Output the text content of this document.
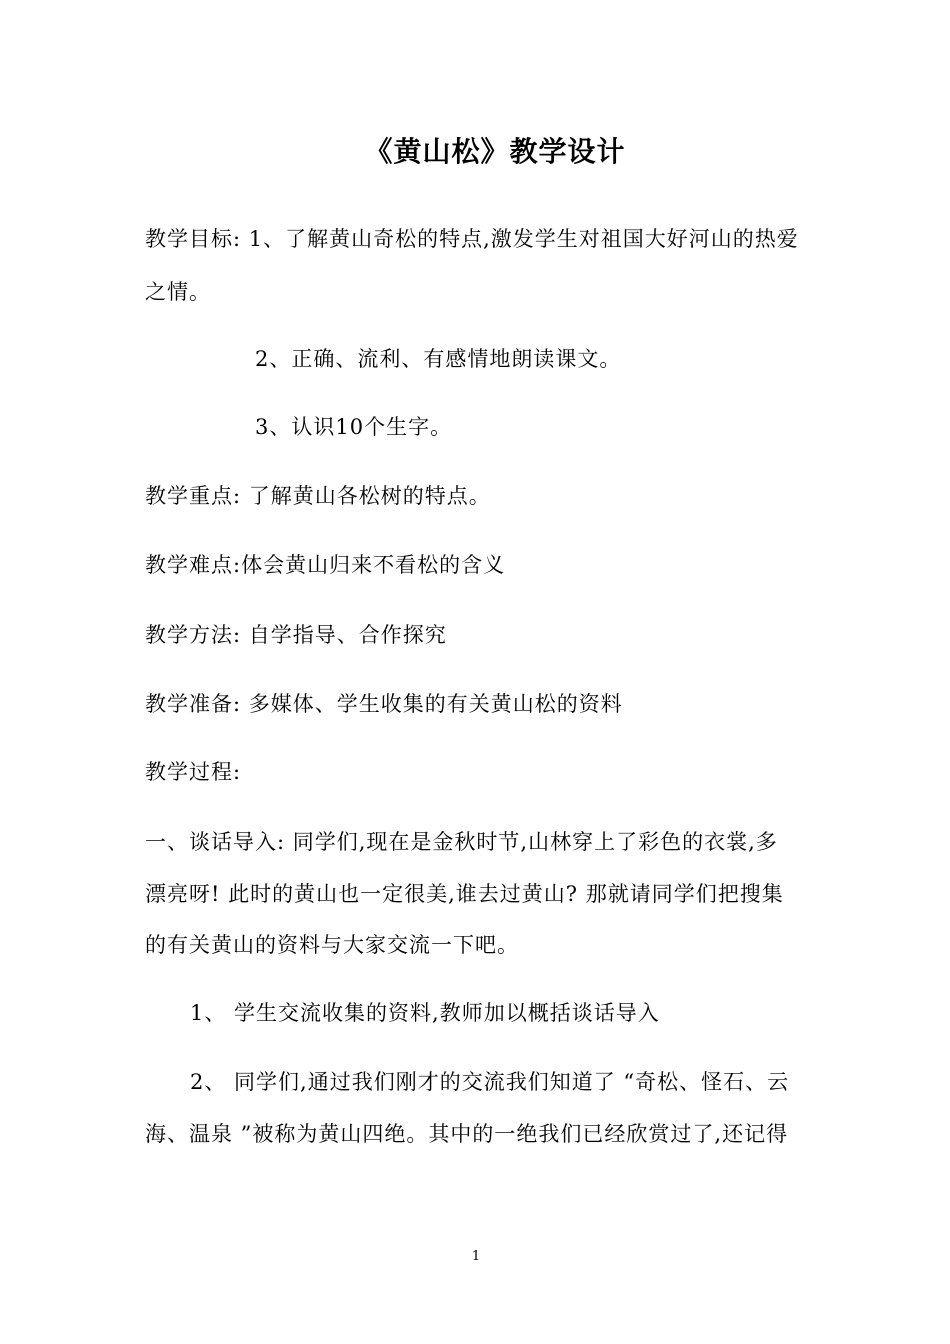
《黄山松》教学设计
教学目标: 1、了解黄山奇松的特点,激发学生对祖国大好河山的热爱
之情。
2、正确、流利、有感情地朗读课文。
3、认识10个生字。
教学重点: 了解黄山各松树的特点。
教学难点:体会黄山归来不看松的含义
教学方法: 自学指导、合作探究
教学准备: 多媒体、学生收集的有关黄山松的资料
教学过程:
一、谈话导入: 同学们,现在是金秋时节,山林穿上了彩色的衣裳,多
漂亮呀! 此时的黄山也一定很美,谁去过黄山? 那就请同学们把搜集
的有关黄山的资料与大家交流一下吧。
1、 学生交流收集的资料,教师加以概括谈话导入
2、 同学们,通过我们刚才的交流我们知道了 “奇松、怪石、云
海、温泉 ”被称为黄山四绝。其中的一绝我们已经欣赏过了,还记得
1
